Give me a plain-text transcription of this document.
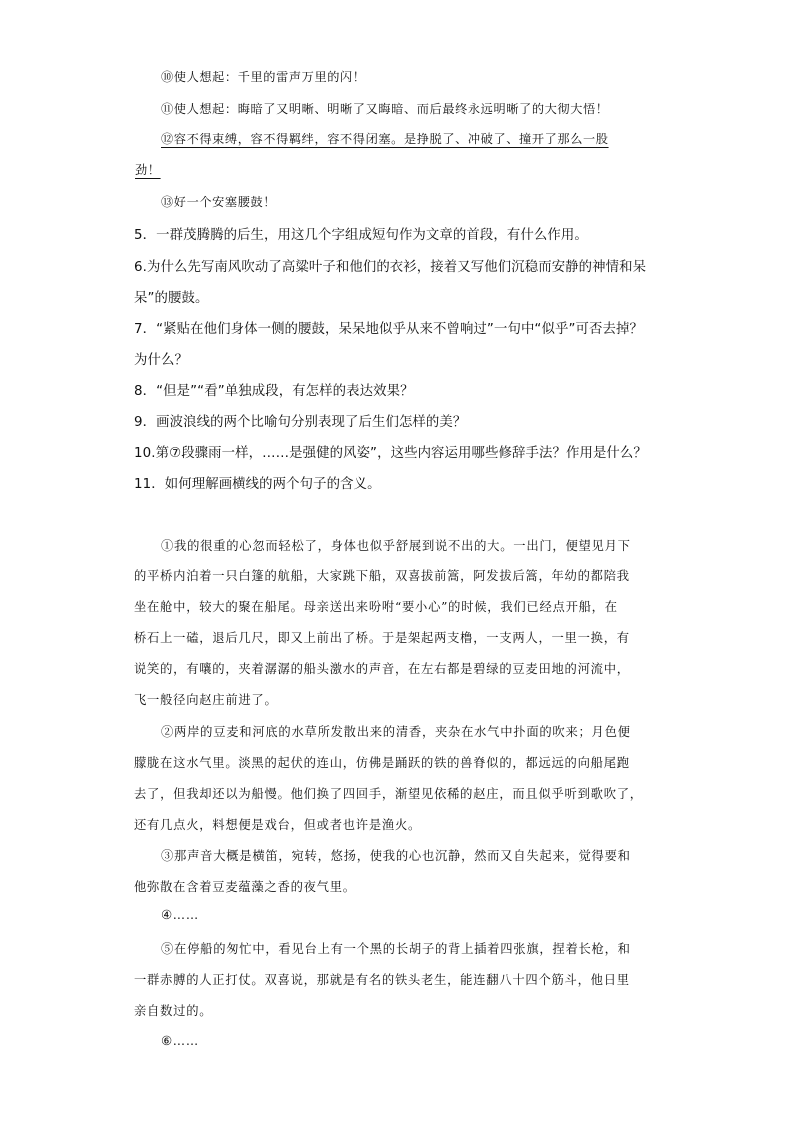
⑩使人想起：千里的雷声万里的闪！
⑪使人想起：晦暗了又明晰、明晰了又晦暗、而后最终永远明晰了的大彻大悟！
⑫容不得束缚，容不得羁绊，容不得闭塞。是挣脱了、冲破了、撞开了那么一股
劲！
⑬好一个安塞腰鼓！
5．一群茂腾腾的后生，用这几个字组成短句作为文章的首段，有什么作用。
6.为什么先写南风吹动了高粱叶子和他们的衣衫，接着又写他们沉稳而安静的神情和呆
呆”的腰鼓。
7．“紧贴在他们身体一侧的腰鼓，呆呆地似乎从来不曾响过”一句中“似乎”可否去掉？
为什么？
8．“但是”“看”单独成段，有怎样的表达效果？
9．画波浪线的两个比喻句分别表现了后生们怎样的美？
10.第⑦段骤雨一样，……是强健的风姿”，这些内容运用哪些修辞手法？作用是什么？
11．如何理解画横线的两个句子的含义。
①我的很重的心忽而轻松了，身体也似乎舒展到说不出的大。一出门，便望见月下
的平桥内泊着一只白篷的航船，大家跳下船，双喜拔前篙，阿发拔后篙，年幼的都陪我
坐在舱中，较大的聚在船尾。母亲送出来吩咐“要小心”的时候，我们已经点开船，在
桥石上一磕，退后几尺，即又上前出了桥。于是架起两支橹，一支两人，一里一换，有
说笑的，有嚷的，夹着潺潺的船头激水的声音，在左右都是碧绿的豆麦田地的河流中，
飞一般径向赵庄前进了。
②两岸的豆麦和河底的水草所发散出来的清香，夹杂在水气中扑面的吹来；月色便
朦胧在这水气里。淡黑的起伏的连山，仿佛是踊跃的铁的兽脊似的，都远远的向船尾跑
去了，但我却还以为船慢。他们换了四回手，渐望见依稀的赵庄，而且似乎听到歌吹了，
还有几点火，料想便是戏台，但或者也许是渔火。
③那声音大概是横笛，宛转，悠扬，使我的心也沉静，然而又自失起来，觉得要和
他弥散在含着豆麦蕴藻之香的夜气里。
④……
⑤在停船的匆忙中，看见台上有一个黑的长胡子的背上插着四张旗，捏着长枪，和
一群赤膊的人正打仗。双喜说，那就是有名的铁头老生，能连翻八十四个筋斗，他日里
亲自数过的。
⑥……
